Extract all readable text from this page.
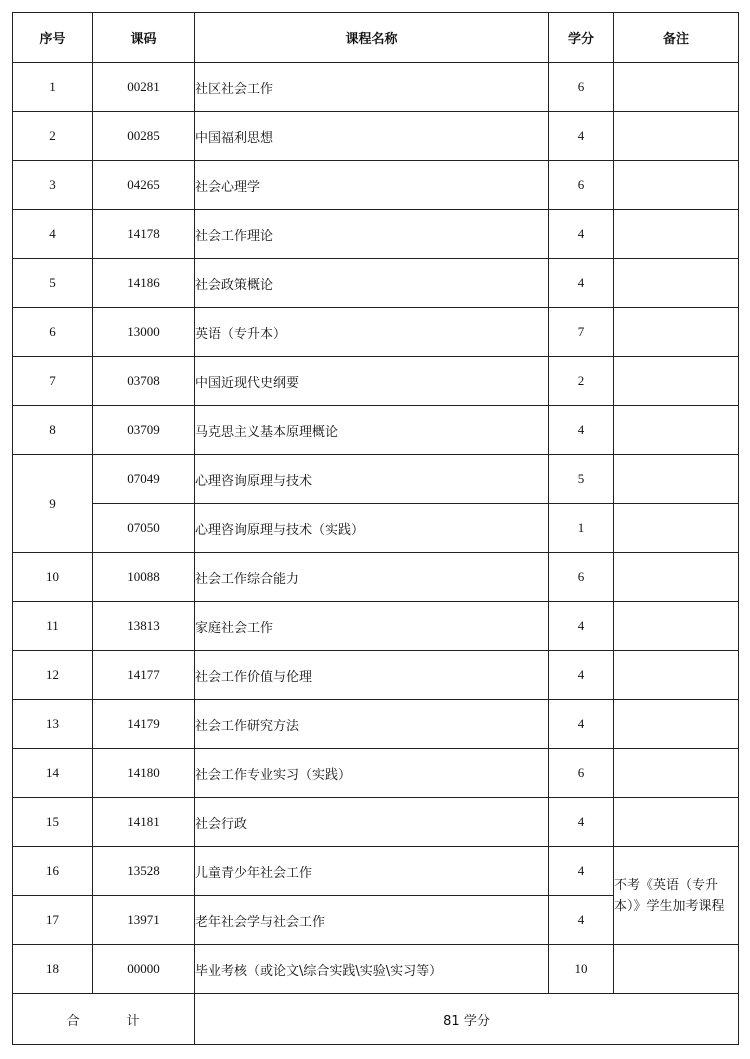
序号	课码	课程名称	学分	备注
1	00281	社区社会工作	6	
2	00285	中国福利思想	4	
3	04265	社会心理学	6	
4	14178	社会工作理论	4	
5	14186	社会政策概论	4	
6	13000	英语（专升本）	7	
7	03708	中国近现代史纲要	2	
8	03709	马克思主义基本原理概论	4	
9	07049	心理咨询原理与技术	5	
	07050	心理咨询原理与技术（实践）	1	
10	10088	社会工作综合能力	6	
11	13813	家庭社会工作	4	
12	14177	社会工作价值与伦理	4	
13	14179	社会工作研究方法	4	
14	14180	社会工作专业实习（实践）	6	
15	14181	社会行政	4	
16	13528	儿童青少年社会工作	4	不考《英语（专升本）》学生加考课程
17	13971	老年社会学与社会工作	4	
18	00000	毕业考核（或论文\综合实践\实验\实习等）	10	
合 计		81 学分		
